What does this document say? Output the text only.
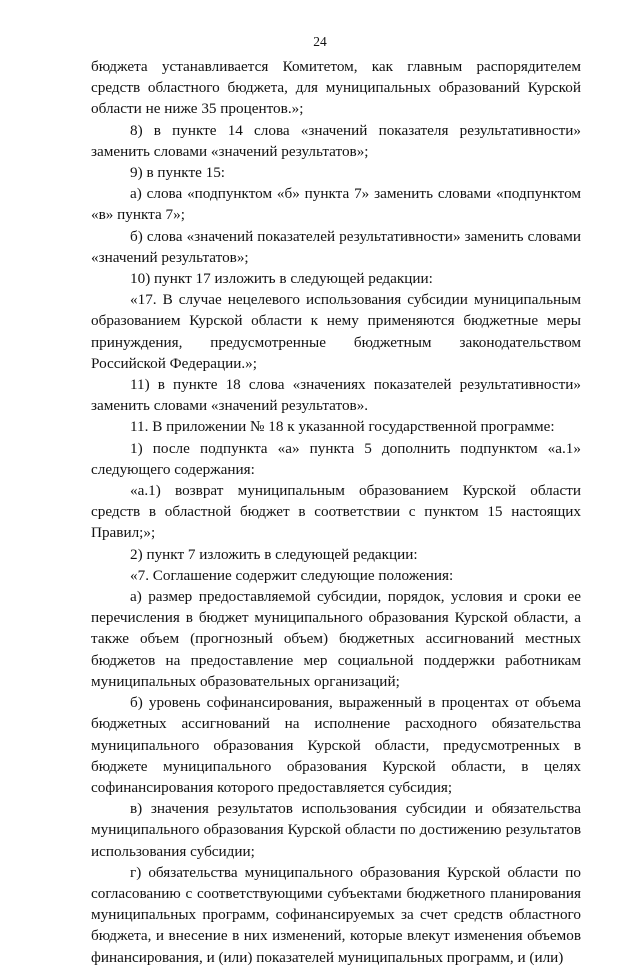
24

бюджета устанавливается Комитетом, как главным распорядителем средств областного бюджета, для муниципальных образований Курской области не ниже 35 процентов.»;

8) в пункте 14 слова «значений показателя результативности» заменить словами «значений результатов»;

9) в пункте 15:

а) слова «подпунктом «б» пункта 7» заменить словами «подпунктом «в» пункта 7»;

б) слова «значений показателей результативности» заменить словами «значений результатов»;

10) пункт 17 изложить в следующей редакции:

«17. В случае нецелевого использования субсидии муниципальным образованием Курской области к нему применяются бюджетные меры принуждения, предусмотренные бюджетным законодательством Российской Федерации.»;

11) в пункте 18 слова «значениях показателей результативности» заменить словами «значений результатов».

11. В приложении № 18 к указанной государственной программе:

1) после подпункта «а» пункта 5 дополнить подпунктом «а.1» следующего содержания:

«а.1) возврат муниципальным образованием Курской области средств в областной бюджет в соответствии с пунктом 15 настоящих Правил;»;

2) пункт 7 изложить в следующей редакции:

«7. Соглашение содержит следующие положения:

а) размер предоставляемой субсидии, порядок, условия и сроки ее перечисления в бюджет муниципального образования Курской области, а также объем (прогнозный объем) бюджетных ассигнований местных бюджетов на предоставление мер социальной поддержки работникам муниципальных образовательных организаций;

б) уровень софинансирования, выраженный в процентах от объема бюджетных ассигнований на исполнение расходного обязательства муниципального образования Курской области, предусмотренных в бюджете муниципального образования Курской области, в целях софинансирования которого предоставляется субсидия;

в) значения результатов использования субсидии и обязательства муниципального образования Курской области по достижению результатов использования субсидии;

г) обязательства муниципального образования Курской области по согласованию с соответствующими субъектами бюджетного планирования муниципальных программ, софинансируемых за счет средств областного бюджета, и внесение в них изменений, которые влекут изменения объемов финансирования, и (или) показателей муниципальных программ, и (или)
